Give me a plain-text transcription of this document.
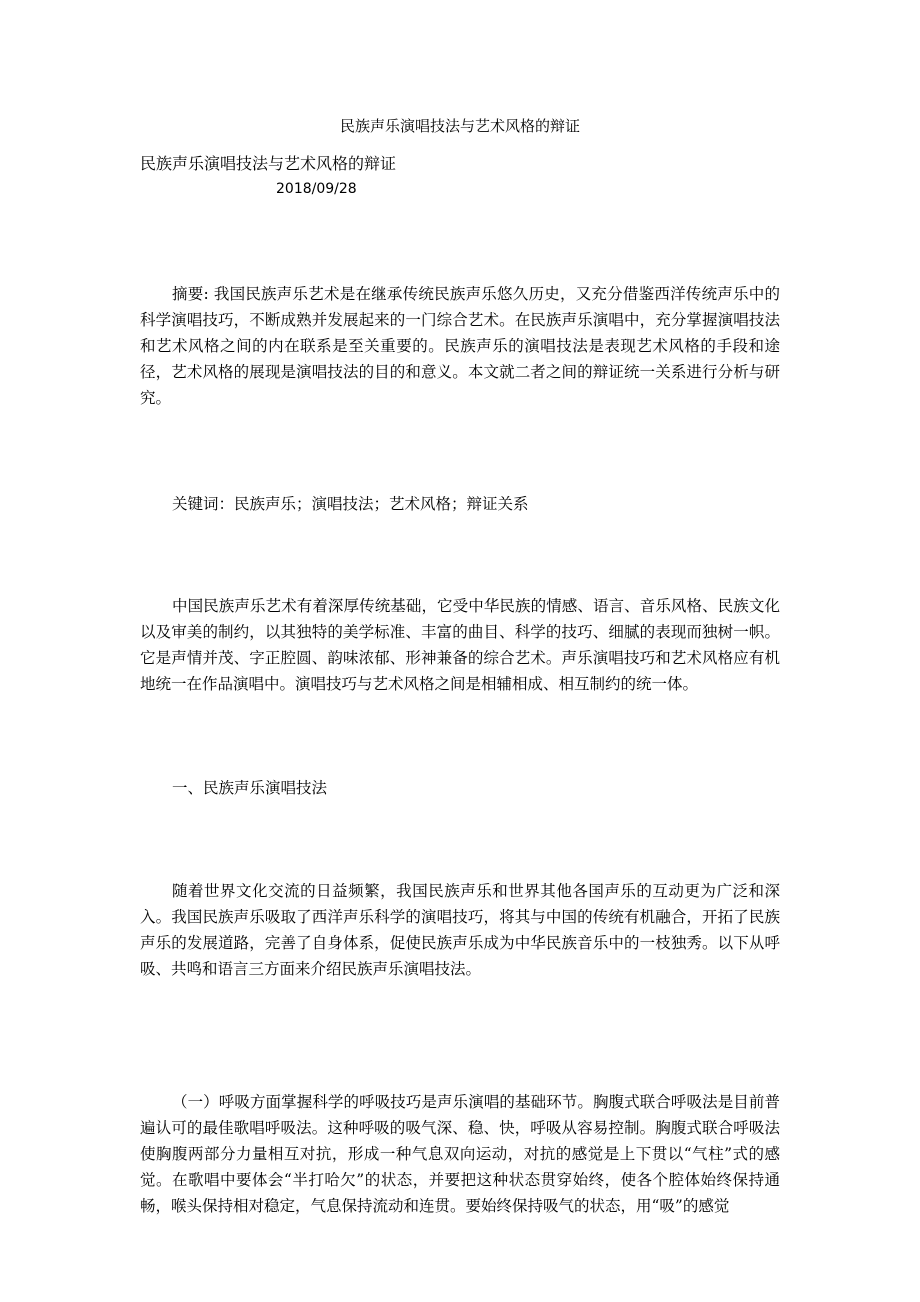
民族声乐演唱技法与艺术风格的辩证
民族声乐演唱技法与艺术风格的辩证
2018/09/28

摘要: 我国民族声乐艺术是在继承传统民族声乐悠久历史，又充分借鉴西洋传统声乐中的科学演唱技巧，不断成熟并发展起来的一门综合艺术。在民族声乐演唱中，充分掌握演唱技法和艺术风格之间的内在联系是至关重要的。民族声乐的演唱技法是表现艺术风格的手段和途径，艺术风格的展现是演唱技法的目的和意义。本文就二者之间的辩证统一关系进行分析与研究。

关键词：民族声乐；演唱技法；艺术风格；辩证关系

中国民族声乐艺术有着深厚传统基础，它受中华民族的情感、语言、音乐风格、民族文化以及审美的制约，以其独特的美学标准、丰富的曲目、科学的技巧、细腻的表现而独树一帜。它是声情并茂、字正腔圆、韵味浓郁、形神兼备的综合艺术。声乐演唱技巧和艺术风格应有机地统一在作品演唱中。演唱技巧与艺术风格之间是相辅相成、相互制约的统一体。

一、民族声乐演唱技法

随着世界文化交流的日益频繁，我国民族声乐和世界其他各国声乐的互动更为广泛和深入。我国民族声乐吸取了西洋声乐科学的演唱技巧，将其与中国的传统有机融合，开拓了民族声乐的发展道路，完善了自身体系，促使民族声乐成为中华民族音乐中的一枝独秀。以下从呼吸、共鸣和语言三方面来介绍民族声乐演唱技法。

（一）呼吸方面掌握科学的呼吸技巧是声乐演唱的基础环节。胸腹式联合呼吸法是目前普遍认可的最佳歌唱呼吸法。这种呼吸的吸气深、稳、快，呼吸从容易控制。胸腹式联合呼吸法使胸腹两部分力量相互对抗，形成一种气息双向运动，对抗的感觉是上下贯以“气柱”式的感觉。在歌唱中要体会“半打哈欠”的状态，并要把这种状态贯穿始终，使各个腔体始终保持通畅，喉头保持相对稳定，气息保持流动和连贯。要始终保持吸气的状态，用“吸”的感觉
